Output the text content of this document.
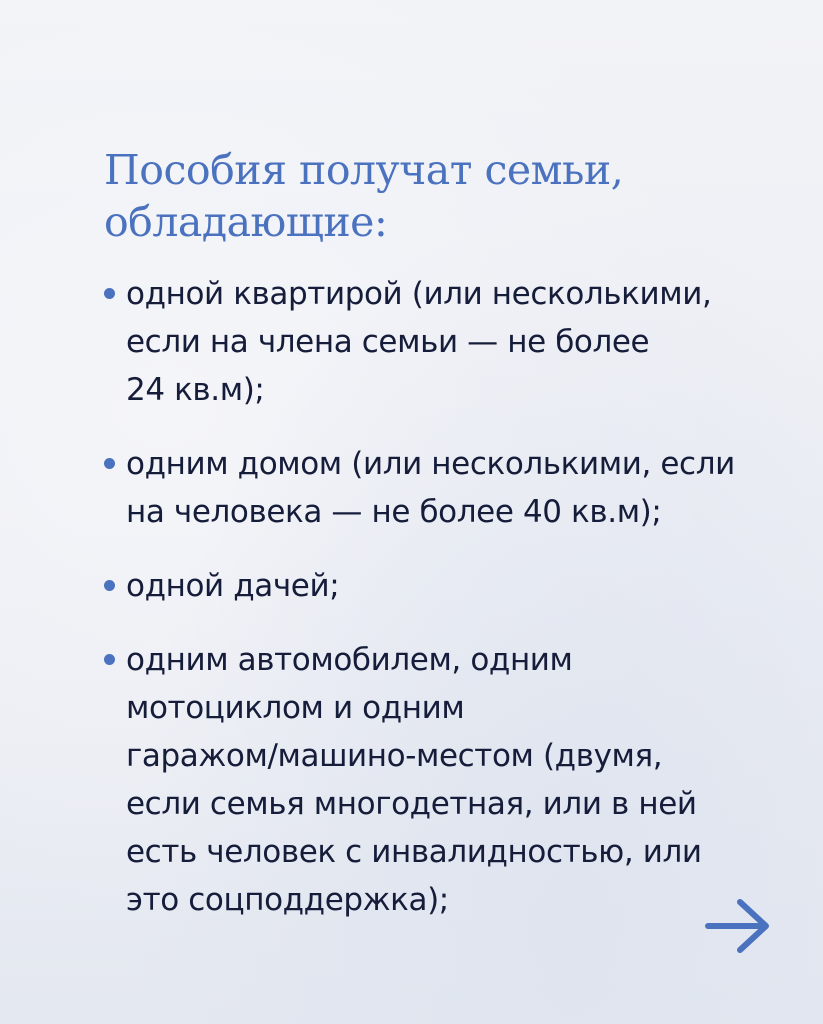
Пособия получат семьи,
обладающие:
одной квартирой (или несколькими,
если на члена семьи — не более
24 кв.м);
одним домом (или несколькими, если
на человека — не более 40 кв.м);
одной дачей;
одним автомобилем, одним
мотоциклом и одним
гаражом/машино-местом (двумя,
если семья многодетная, или в ней
есть человек с инвалидностью, или
это соцподдержка);
